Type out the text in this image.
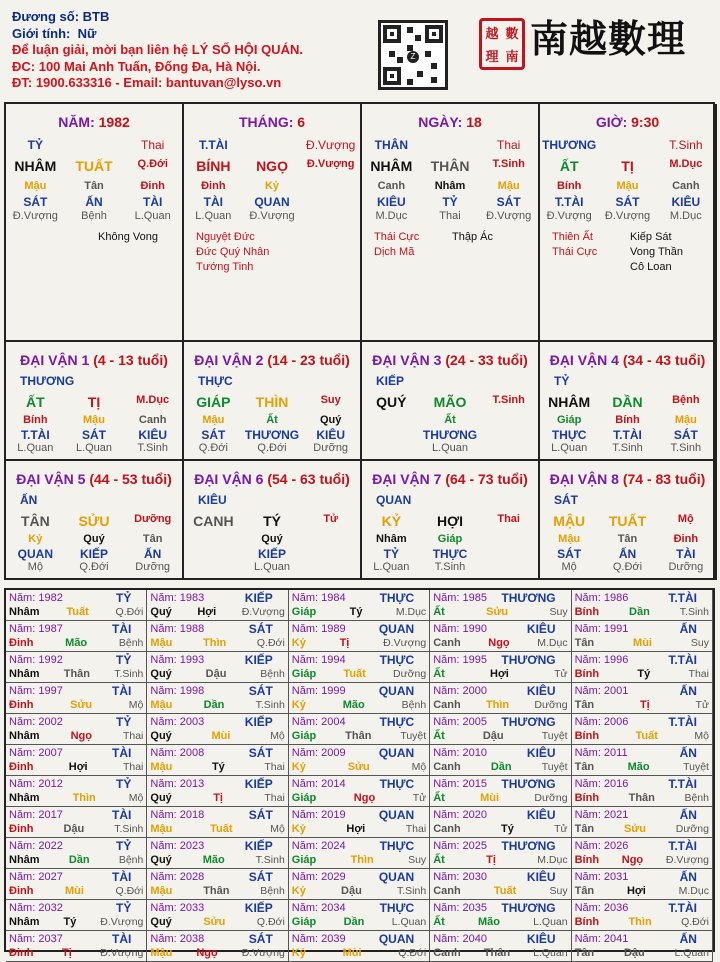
Đương số: BTB
Giới tính: Nữ
Để luận giải, mời bạn liên hệ LÝ SỐ HỘI QUÁN.
ĐC: 100 Mai Anh Tuấn, Đống Đa, Hà Nội.
ĐT: 1900.633316 - Email: bantuvan@lyso.vn
Z
越 數
理 南 南越數理
NĂM: 1982
TỶ	Thai
NHÂM	TUẤT	Q.Đới
Mậu	Tân	Đinh
SÁT	ẤN	TÀI
Đ.Vượng	Bệnh	L.Quan
Không Vong
THÁNG: 6
T.TÀI	Đ.Vượng
BÍNH	NGỌ	Đ.Vượng
Đinh	Kỷ
TÀI	QUAN
L.Quan	Đ.Vượng
Nguyệt Đức
Đức Quý Nhân
Tướng Tinh
NGÀY: 18
THÂN	Thai
NHÂM	THÂN	T.Sinh
Canh	Nhâm	Mậu
KIÊU	TỶ	SÁT
M.Dục	Thai	Đ.Vượng
Thái Cực
Dịch Mã
Thập Ác
GIỜ: 9:30
THƯƠNG	T.Sinh
ẤT	TỊ	M.Dục
Bính	Mậu	Canh
T.TÀI	SÁT	KIÊU
Đ.Vượng	Đ.Vượng	M.Dục
Thiên Ất
Thái Cực
Kiếp Sát
Vong Thần
Cô Loan
ĐẠI VẬN 1 (4 - 13 tuổi)
THƯƠNG
ẤT	TỊ	M.Dục
Bính	Mậu	Canh
T.TÀI	SÁT	KIÊU
L.Quan	L.Quan	T.Sinh
ĐẠI VẬN 2 (14 - 23 tuổi)
THỰC
GIÁP	THÌN	Suy
Mậu	Ất	Quý
SÁT	THƯƠNG	KIÊU
Q.Đới	Q.Đới	Dưỡng
ĐẠI VẬN 3 (24 - 33 tuổi)
KIẾP
QUÝ	MÃO	T.Sinh
Ất
THƯƠNG
L.Quan
ĐẠI VẬN 4 (34 - 43 tuổi)
TỶ
NHÂM	DẦN	Bệnh
Giáp	Bính	Mậu
THỰC	T.TÀI	SÁT
L.Quan	T.Sinh	T.Sinh
ĐẠI VẬN 5 (44 - 53 tuổi)
ẤN
TÂN	SỬU	Dưỡng
Kỷ	Quý	Tân
QUAN	KIẾP	ẤN
Mộ	Q.Đới	Dưỡng
ĐẠI VẬN 6 (54 - 63 tuổi)
KIÊU
CANH	TÝ	Tử
Quý
KIẾP
L.Quan
ĐẠI VẬN 7 (64 - 73 tuổi)
QUAN
KỶ	HỢI	Thai
Nhâm	Giáp
TỶ	THỰC
L.Quan	T.Sinh
ĐẠI VẬN 8 (74 - 83 tuổi)
SÁT
MẬU	TUẤT	Mộ
Mậu	Tân	Đinh
SÁT	ẤN	TÀI
Mộ	Q.Đới	Dưỡng
Năm: 1982	TỶ
Nhâm Tuất	Q.Đới
Năm: 1983	KIẾP
Quý Hợi Đ.Vượng
Năm: 1984	THỰC
Giáp	Tý	M.Dục
Năm: 1985 THƯƠNG
Ất	Sửu	Suy
Năm: 1986	T.TÀI
Bính	Dần	T.Sinh
Năm: 1987	TÀI
Đinh	Mão	Bệnh
Năm: 1988	SÁT
Mậu	Thìn	Q.Đới
Năm: 1989	QUAN
Kỷ	Tị	Đ.Vượng
Năm: 1990	KIÊU
Canh	Ngọ	M.Dục
Năm: 1991	ẤN
Tân	Mùi	Suy
Năm: 1992	TỶ
Nhâm Thân T.Sinh
Năm: 1993	KIẾP
Quý	Dậu	Bệnh
Năm: 1994	THỰC
Giáp Tuất	Dưỡng
Năm: 1995 THƯƠNG
Ất	Hợi	Tử
Năm: 1996	T.TÀI
Bính	Tý	Thai
Năm: 1997	TÀI
Đinh	Sửu	Mộ
Năm: 1998	SÁT
Mậu	Dần	T.Sinh
Năm: 1999	QUAN
Kỷ	Mão	Bệnh
Năm: 2000	KIÊU
Canh Thìn Dưỡng
Năm: 2001	ẤN
Tân	Tị	Tử
Năm: 2002	TỶ
Nhâm	Ngọ	Thai
Năm: 2003	KIẾP
Quý	Mùi	Mộ
Năm: 2004	THỰC
Giáp	Thân	Tuyệt
Năm: 2005 THƯƠNG
Ất	Dậu	Tuyệt
Năm: 2006	T.TÀI
Bính	Tuất	Mộ
Năm: 2007	TÀI
Đinh	Hợi	Thai
Năm: 2008	SÁT
Mậu	Tý	Thai
Năm: 2009	QUAN
Kỷ	Sửu	Mộ
Năm: 2010	KIÊU
Canh	Dần	Tuyệt
Năm: 2011	ẤN
Tân	Mão	Tuyệt
Năm: 2012	TỶ
Nhâm	Thìn	Mộ
Năm: 2013	KIẾP
Quý	Tị	Thai
Năm: 2014	THỰC
Giáp	Ngọ	Tử
Năm: 2015 THƯƠNG
Ất	Mùi	Dưỡng
Năm: 2016	T.TÀI
Bính	Thân	Bệnh
Năm: 2017	TÀI
Đinh	Dậu	T.Sinh
Năm: 2018	SÁT
Mậu	Tuất	Mộ
Năm: 2019	QUAN
Kỷ	Hợi	Thai
Năm: 2020	KIÊU
Canh	Tý	Tử
Năm: 2021	ẤN
Tân	Sửu	Dưỡng
Năm: 2022	TỶ
Nhâm	Dần	Bệnh
Năm: 2023	KIẾP
Quý	Mão	T.Sinh
Năm: 2024	THỰC
Giáp	Thìn	Suy
Năm: 2025 THƯƠNG
Ất	Tị	M.Dục
Năm: 2026	T.TÀI
Bính Ngọ Đ.Vượng
Năm: 2027	TÀI
Đinh	Mùi	Q.Đới
Năm: 2028	SÁT
Mậu	Thân	Bệnh
Năm: 2029	QUAN
Kỷ	Dậu	T.Sinh
Năm: 2030	KIÊU
Canh	Tuất	Suy
Năm: 2031	ẤN
Tân	Hợi	M.Dục
Năm: 2032	TỶ
Nhâm Tý Đ.Vượng
Năm: 2033	KIẾP
Quý	Sửu	Q.Đới
Năm: 2034	THỰC
Giáp Dần	L.Quan
Năm: 2035 THƯƠNG
Ất	Mão	L.Quan
Năm: 2036	T.TÀI
Bính	Thìn	Q.Đới
Năm: 2037	TÀI
Đinh	Tị	Đ.Vượng
Năm: 2038	SÁT
Mậu Ngọ Đ.Vượng
Năm: 2039	QUAN
Kỷ	Mùi	Q.Đới
Năm: 2040	KIÊU
Canh Thân L.Quan
Năm: 2041	ẤN
Tân	Dậu	L.Quan
